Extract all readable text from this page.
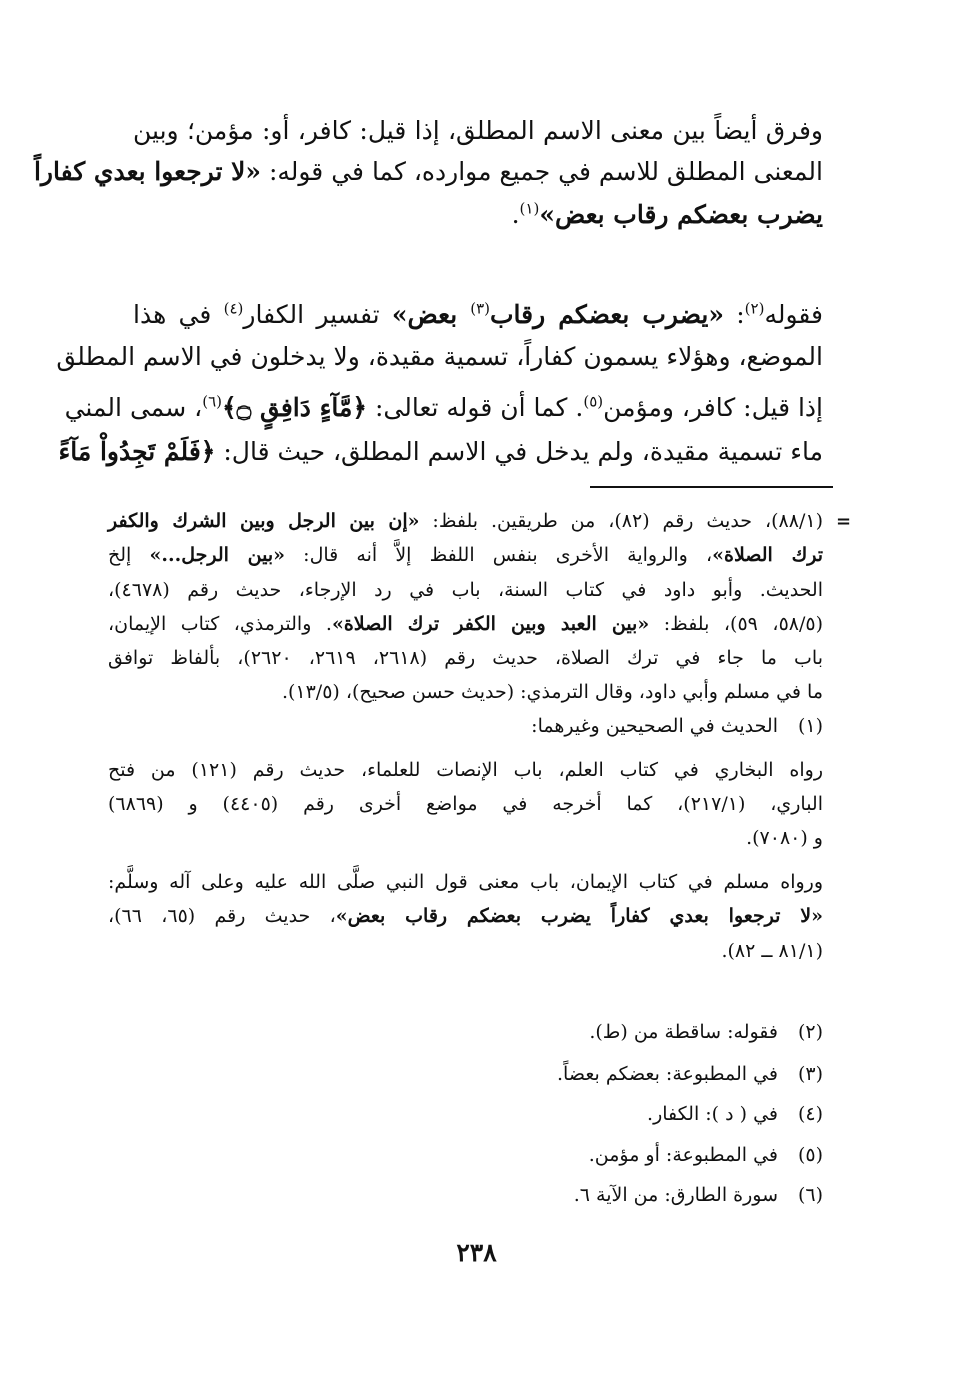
وفرق أيضاً بين معنى الاسم المطلق، إذا قيل: كافر، أو: مؤمن؛ وبين
المعنى المطلق للاسم في جميع موارده، كما في قوله: «لا ترجعوا بعدي كفاراً
يضرب بعضكم رقاب بعض»$^{(١)}$.
فقوله$^{(٢)}$: «يضرب بعضكم رقاب$^{(٣)}$ بعض» تفسير الكفار$^{(٤)}$ في هذا
الموضع، وهؤلاء يسمون كفاراً، تسمية مقيدة، ولا يدخلون في الاسم المطلق
إذا قيل: كافر، ومؤمن$^{(٥)}$. كما أن قوله تعالى: ﴿مَّآءٍ دَافِقٍ ۝﴾$^{(٦)}$، سمى المني
ماء تسمية مقيدة، ولم يدخل في الاسم المطلق، حيث قال: ﴿فَلَمْ تَجِدُواْ مَآءً
=
(٨٨/١)، حديث رقم (٨٢)، من طريقين. بلفظ: «إن بين الرجل وبين الشرك والكفر
ترك الصلاة»، والرواية الأخرى بنفس اللفظ إلاَّ أنه قال: «بين الرجل...» إلخ
الحديث. وأبو داود في كتاب السنة، باب في رد الإرجاء، حديث رقم (٤٦٧٨)،
(٥٨/٥، ٥٩)، بلفظ: «بين العبد وبين الكفر ترك الصلاة». والترمذي، كتاب الإيمان،
باب ما جاء في ترك الصلاة، حديث رقم (٢٦١٨، ٢٦١٩، ٢٦٢٠)، بألفاظ توافق
ما في مسلم وأبي داود، وقال الترمذي: (حديث حسن صحيح)، (١٣/٥).
(١)
الحديث في الصحيحين وغيرهما:
رواه البخاري في كتاب العلم، باب الإنصات للعلماء، حديث رقم (١٢١) من فتح
الباري، (٢١٧/١)، كما أخرجه في مواضع أخرى رقم (٤٤٠٥) و (٦٨٦٩)
و (٧٠٨٠).
ورواه مسلم في كتاب الإيمان، باب معنى قول النبي صلَّى الله عليه وعلى آله وسلَّم:
«لا ترجعوا بعدي كفاراً يضرب بعضكم رقاب بعض»، حديث رقم (٦٥، ٦٦)،
(٨١/١ ــ ٨٢).
(٢)
فقوله: ساقطة من (ط).
(٣)
في المطبوعة: بعضكم بعضاً.
(٤)
في ( د ): الكفار.
(٥)
في المطبوعة: أو مؤمن.
(٦)
سورة الطارق: من الآية ٦.
٢٣٨
